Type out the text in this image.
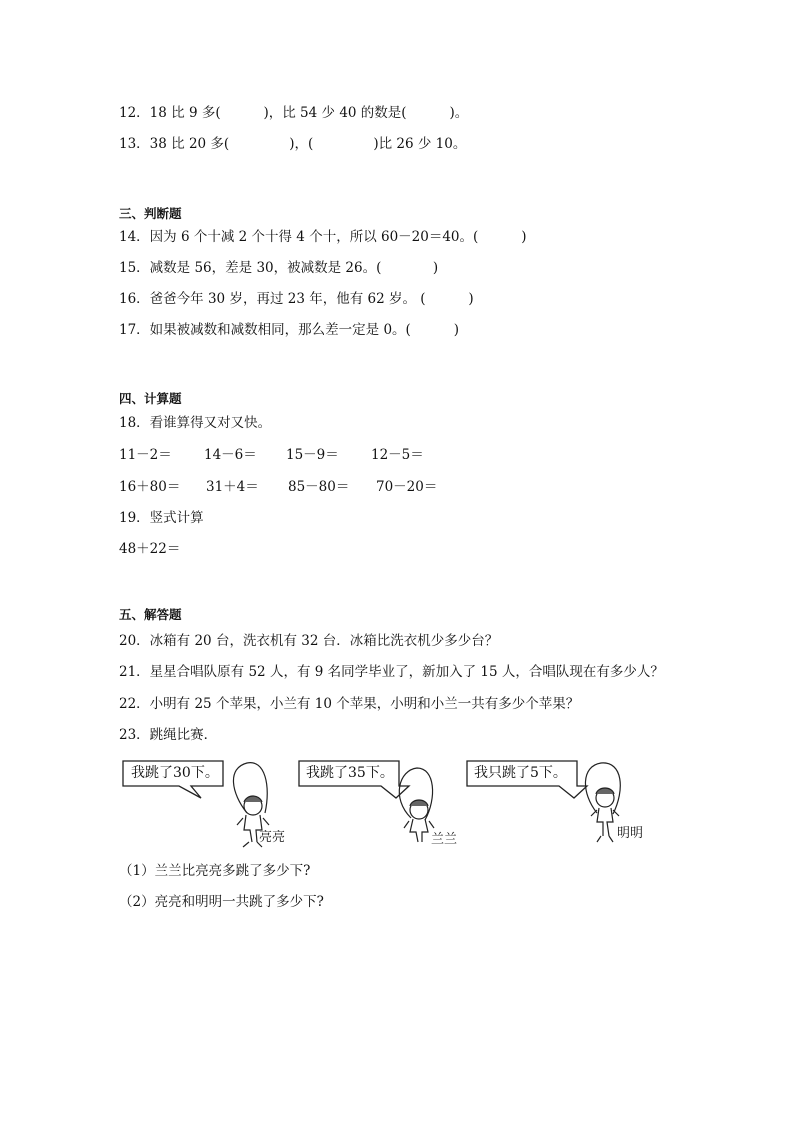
12．18 比 9 多(          )，比 54 少 40 的数是(          )。
13．38 比 20 多(              )，(              )比 26 少 10。
三、判断题
14．因为 6 个十减 2 个十得 4 个十，所以 60－20＝40。(          )
15．减数是 56，差是 30，被减数是 26。(            )
16．爸爸今年 30 岁，再过 23 年，他有 62 岁。 (          )
17．如果被减数和减数相同，那么差一定是 0。(          )
四、计算题
18．看谁算得又对又快。
11－2＝ 14－6＝ 15－9＝ 12－5＝
16＋80＝ 31＋4＝ 85－80＝ 70－20＝
19．竖式计算
48＋22＝
五、解答题
20．冰箱有 20 台，洗衣机有 32 台．冰箱比洗衣机少多少台？
21．星星合唱队原有 52 人，有 9 名同学毕业了，新加入了 15 人，合唱队现在有多少人？
22．小明有 25 个苹果，小兰有 10 个苹果，小明和小兰一共有多少个苹果？
23．跳绳比赛．
我跳了30下。	我跳了35下。	我只跳了5下。
亮亮	兰兰	明明
（1）兰兰比亮亮多跳了多少下?
（2）亮亮和明明一共跳了多少下?
